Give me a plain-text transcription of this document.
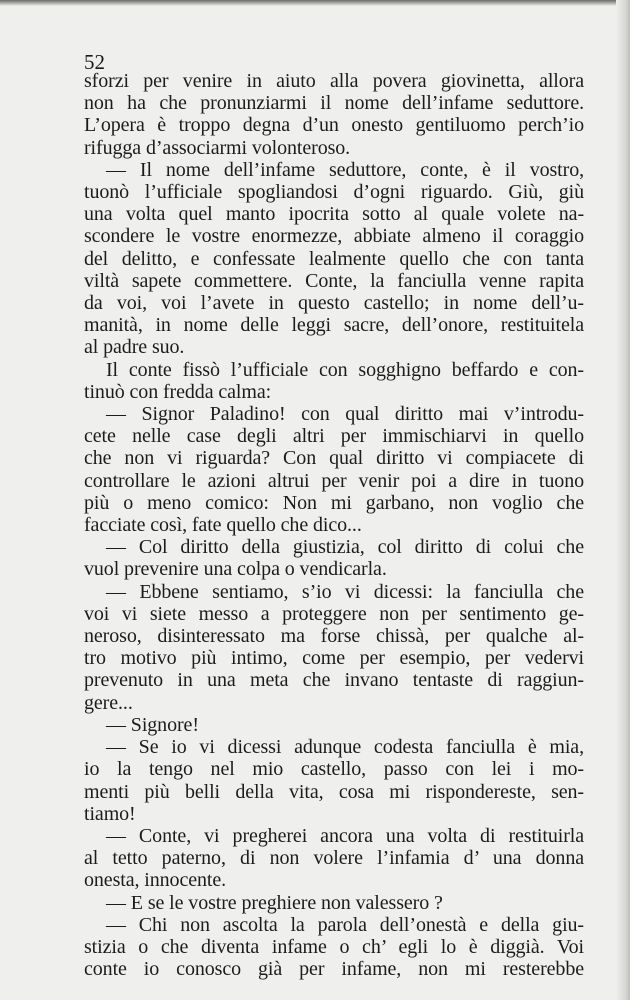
52
sforzi per venire in aiuto alla povera giovinetta, allora
non ha che pronunziarmi il nome dell’infame seduttore.
L’opera è troppo degna d’un onesto gentiluomo perch’io
rifugga d’associarmi volonteroso.
— Il nome dell’infame seduttore, conte, è il vostro,
tuonò l’ufficiale spogliandosi d’ogni riguardo. Giù, giù
una volta quel manto ipocrita sotto al quale volete na-
scondere le vostre enormezze, abbiate almeno il coraggio
del delitto, e confessate lealmente quello che con tanta
viltà sapete commettere. Conte, la fanciulla venne rapita
da voi, voi l’avete in questo castello; in nome dell’u-
manità, in nome delle leggi sacre, dell’onore, restituitela
al padre suo.
Il conte fissò l’ufficiale con sogghigno beffardo e con-
tinuò con fredda calma:
— Signor Paladino! con qual diritto mai v’introdu-
cete nelle case degli altri per immischiarvi in quello
che non vi riguarda? Con qual diritto vi compiacete di
controllare le azioni altrui per venir poi a dire in tuono
più o meno comico: Non mi garbano, non voglio che
facciate così, fate quello che dico...
— Col diritto della giustizia, col diritto di colui che
vuol prevenire una colpa o vendicarla.
— Ebbene sentiamo, s’io vi dicessi: la fanciulla che
voi vi siete messo a proteggere non per sentimento ge-
neroso, disinteressato ma forse chissà, per qualche al-
tro motivo più intimo, come per esempio, per vedervi
prevenuto in una meta che invano tentaste di raggiun-
gere...
— Signore!
— Se io vi dicessi adunque codesta fanciulla è mia,
io la tengo nel mio castello, passo con lei i mo-
menti più belli della vita, cosa mi rispondereste, sen-
tiamo!
— Conte, vi pregherei ancora una volta di restituirla
al tetto paterno, di non volere l’infamia d’ una donna
onesta, innocente.
— E se le vostre preghiere non valessero ?
— Chi non ascolta la parola dell’onestà e della giu-
stizia o che diventa infame o ch’ egli lo è diggià. Voi
conte io conosco già per infame, non mi resterebbe
